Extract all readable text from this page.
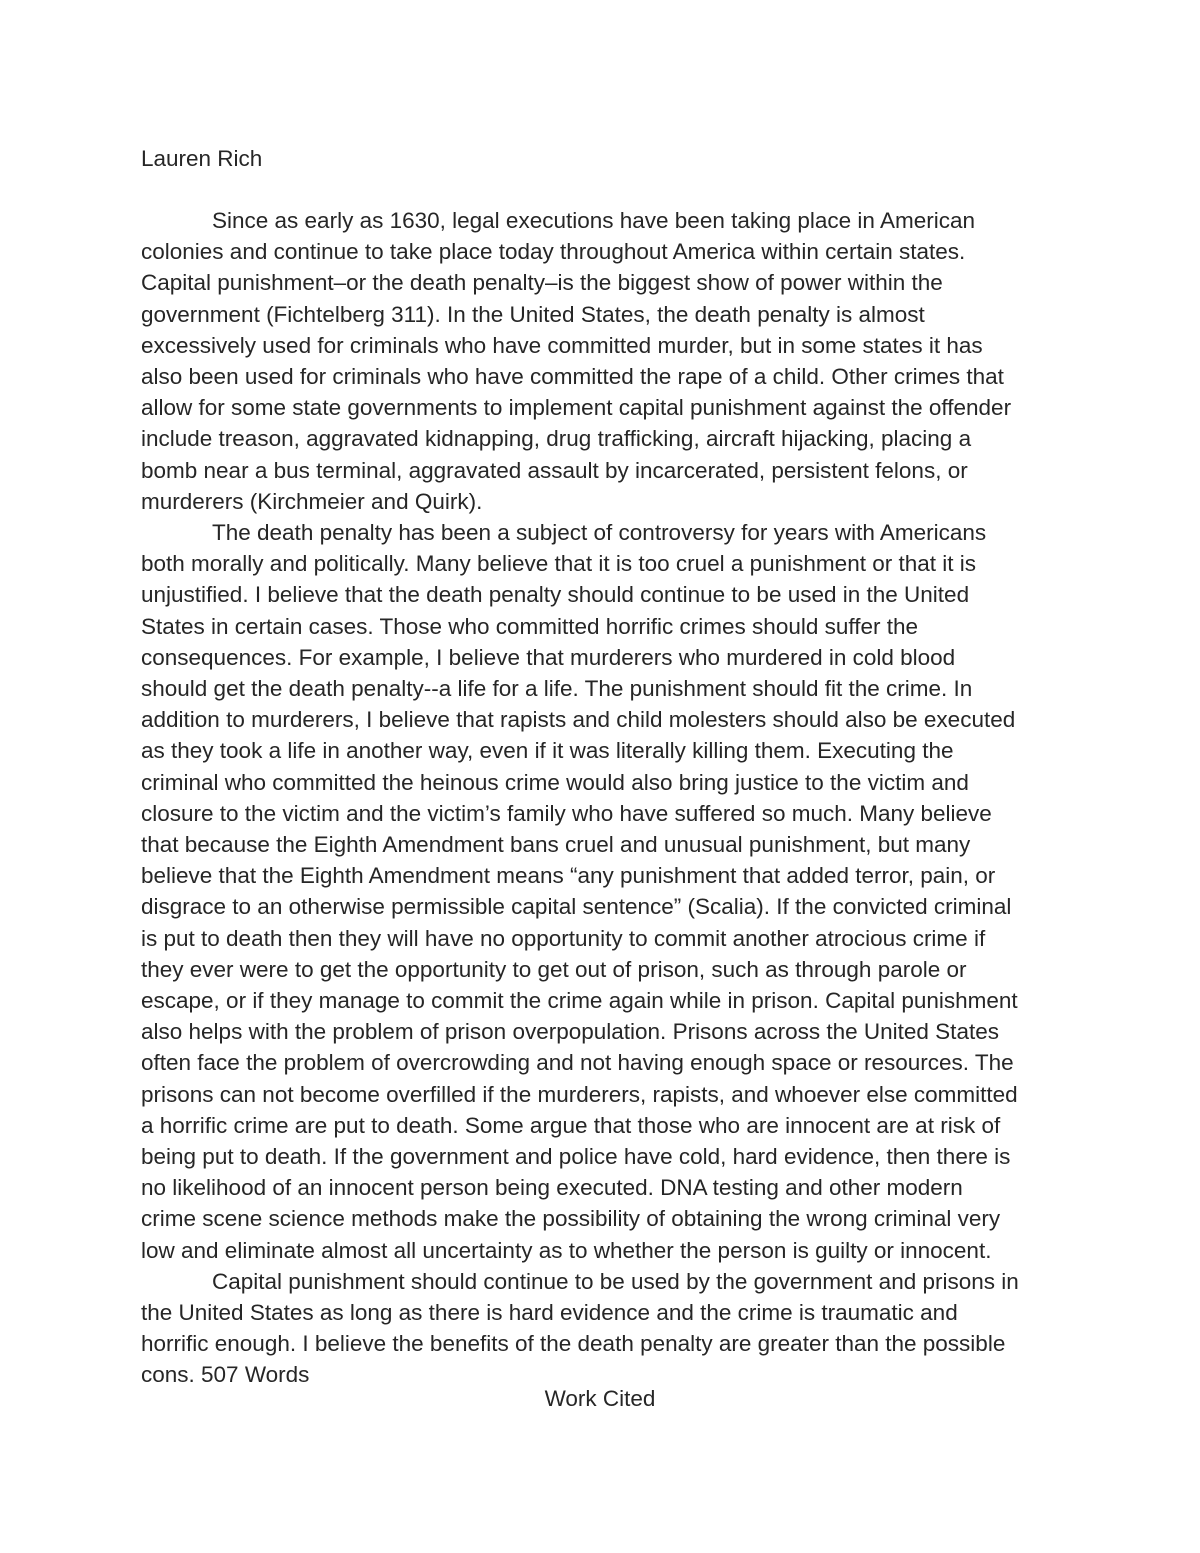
Lauren Rich
Since as early as 1630, legal executions have been taking place in American
colonies and continue to take place today throughout America within certain states.
Capital punishment–or the death penalty–is the biggest show of power within the
government (Fichtelberg 311). In the United States, the death penalty is almost
excessively used for criminals who have committed murder, but in some states it has
also been used for criminals who have committed the rape of a child. Other crimes that
allow for some state governments to implement capital punishment against the offender
include treason, aggravated kidnapping, drug trafficking, aircraft hijacking, placing a
bomb near a bus terminal, aggravated assault by incarcerated, persistent felons, or
murderers (Kirchmeier and Quirk).
The death penalty has been a subject of controversy for years with Americans
both morally and politically. Many believe that it is too cruel a punishment or that it is
unjustified. I believe that the death penalty should continue to be used in the United
States in certain cases. Those who committed horrific crimes should suffer the
consequences. For example, I believe that murderers who murdered in cold blood
should get the death penalty--a life for a life. The punishment should fit the crime. In
addition to murderers, I believe that rapists and child molesters should also be executed
as they took a life in another way, even if it was literally killing them. Executing the
criminal who committed the heinous crime would also bring justice to the victim and
closure to the victim and the victim’s family who have suffered so much. Many believe
that because the Eighth Amendment bans cruel and unusual punishment, but many
believe that the Eighth Amendment means “any punishment that added terror, pain, or
disgrace to an otherwise permissible capital sentence” (Scalia). If the convicted criminal
is put to death then they will have no opportunity to commit another atrocious crime if
they ever were to get the opportunity to get out of prison, such as through parole or
escape, or if they manage to commit the crime again while in prison. Capital punishment
also helps with the problem of prison overpopulation. Prisons across the United States
often face the problem of overcrowding and not having enough space or resources. The
prisons can not become overfilled if the murderers, rapists, and whoever else committed
a horrific crime are put to death. Some argue that those who are innocent are at risk of
being put to death. If the government and police have cold, hard evidence, then there is
no likelihood of an innocent person being executed. DNA testing and other modern
crime scene science methods make the possibility of obtaining the wrong criminal very
low and eliminate almost all uncertainty as to whether the person is guilty or innocent.
Capital punishment should continue to be used by the government and prisons in
the United States as long as there is hard evidence and the crime is traumatic and
horrific enough. I believe the benefits of the death penalty are greater than the possible
cons. 507 Words
Work Cited
